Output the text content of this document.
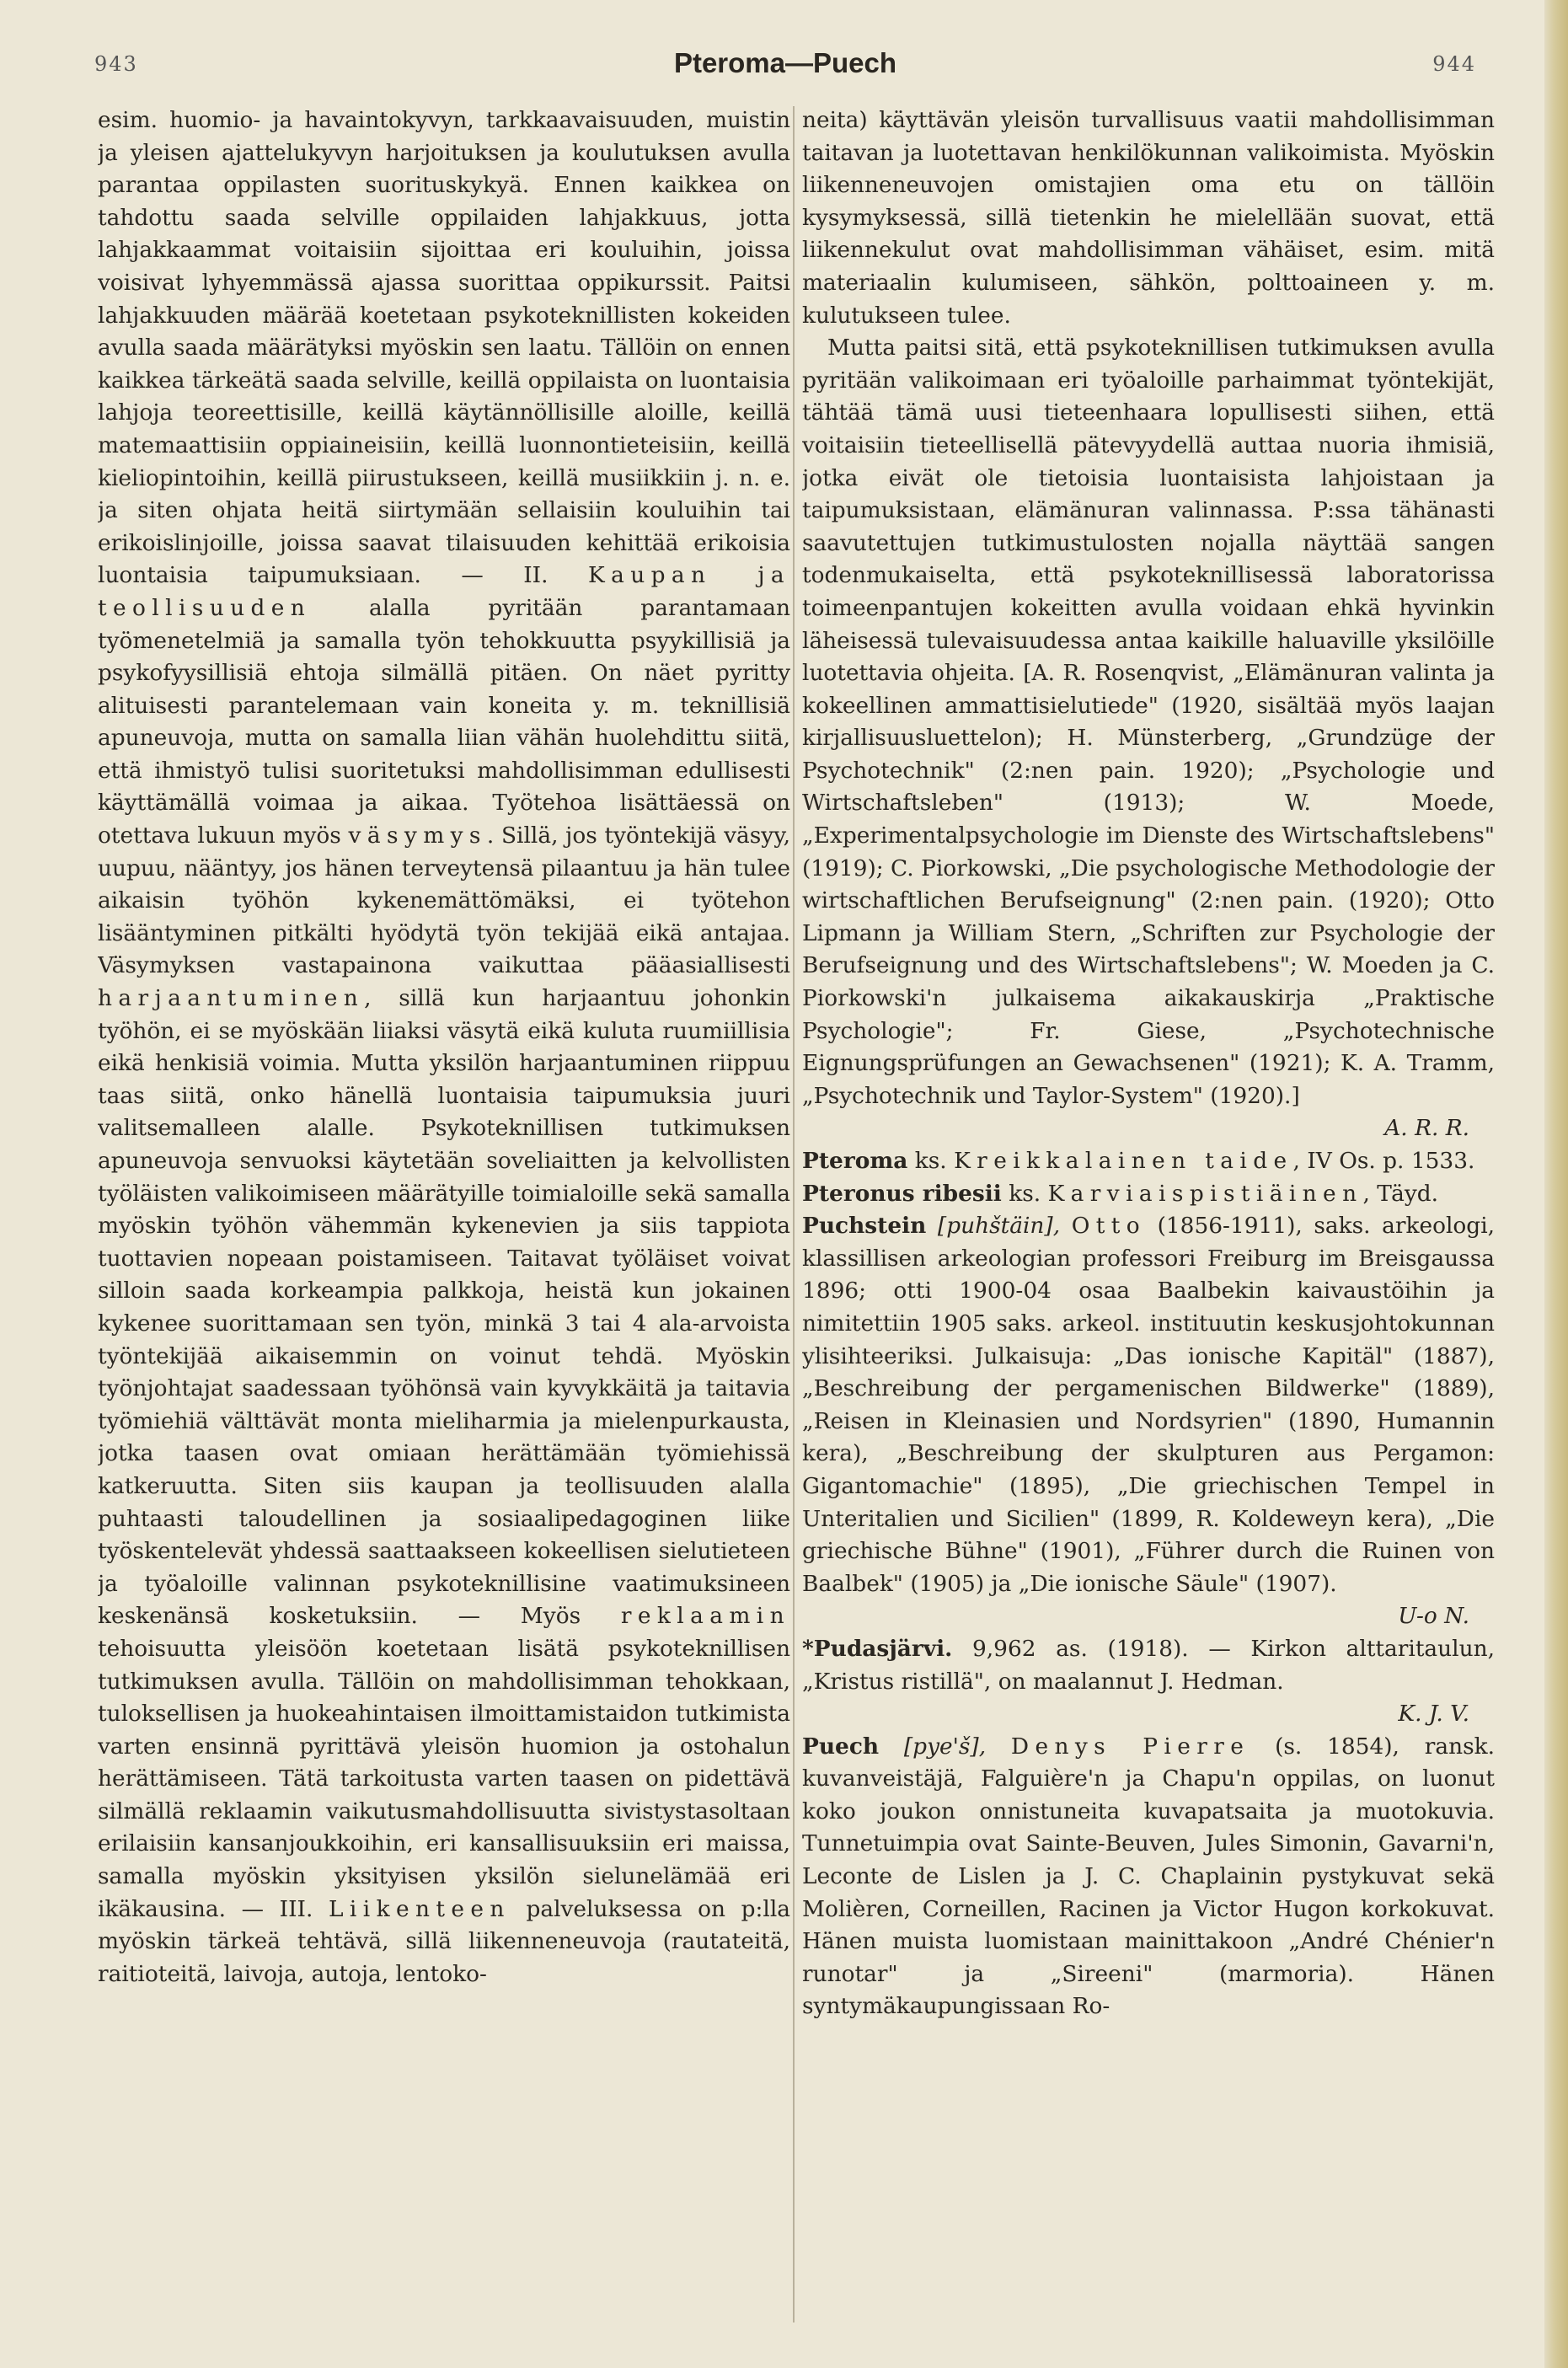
943	Pteroma—Puech	944

esim. huomio- ja havaintokyvyn, tarkkaavaisuuden, muistin ja yleisen ajattelukyvyn harjoituksen ja koulutuksen avulla parantaa oppilasten suorituskykyä. Ennen kaikkea on tahdottu saada selville oppilaiden lahjakkuus, jotta lahjakkaammat voitaisiin sijoittaa eri kouluihin, joissa voisivat lyhyemmässä ajassa suorittaa oppikurssit. Paitsi lahjakkuuden määrää koetetaan psykoteknillisten kokeiden avulla saada määrätyksi myöskin sen laatu. Tällöin on ennen kaikkea tärkeätä saada selville, keillä oppilaista on luontaisia lahjoja teoreettisille, keillä käytännöllisille aloille, keillä matemaattisiin oppiaineisiin, keillä luonnontieteisiin, keillä kieliopintoihin, keillä piirustukseen, keillä musiikkiin j. n. e. ja siten ohjata heitä siirtymään sellaisiin kouluihin tai erikoislinjoille, joissa saavat tilaisuuden kehittää erikoisia luontaisia taipumuksiaan. — II. Kaupan ja teollisuuden	alalla pyritään parantamaan työmenetelmiä ja samalla työn tehokkuutta psyykillisiä ja psykofyysillisiä ehtoja silmällä pitäen. On näet pyritty alituisesti parantelemaan vain koneita y. m. teknillisiä apuneuvoja, mutta on samalla liian vähän huolehdittu siitä, että ihmistyö tulisi suoritetuksi mahdollisimman edullisesti käyttämällä voimaa ja aikaa. Työtehoa lisättäessä on otettava lukuun myös väsymys. Sillä, jos työntekijä väsyy, uupuu, nääntyy, jos hänen terveytensä pilaantuu ja hän tulee aikaisin työhön kykenemättömäksi, ei työtehon lisääntyminen pitkälti hyödytä työn tekijää eikä antajaa. Väsymyksen vastapainona vaikuttaa pääasiallisesti harjaantuminen, sillä kun harjaantuu johonkin työhön, ei se myöskään liiaksi väsytä eikä kuluta ruumiillisia eikä henkisiä voimia. Mutta yksilön harjaantuminen riippuu taas siitä, onko hänellä luontaisia taipumuksia juuri valitsemalleen alalle. Psykoteknillisen tutkimuksen apuneuvoja senvuoksi käytetään soveliaitten ja kelvollisten työläisten valikoimiseen määrätyille toimialoille sekä samalla myöskin työhön vähemmän kykenevien ja siis tappiota tuottavien nopeaan poistamiseen. Taitavat työläiset voivat silloin saada korkeampia palkkoja, heistä kun jokainen kykenee suorittamaan sen työn, minkä 3 tai 4 ala-arvoista työntekijää aikaisemmin on voinut tehdä. Myöskin työnjohtajat saadessaan työhönsä vain kyvykkäitä ja taitavia työmiehiä välttävät monta mieliharmia ja mielenpurkausta, jotka taasen ovat omiaan herättämään työmiehissä katkeruutta. Siten siis kaupan ja teollisuuden alalla puhtaasti taloudellinen ja sosiaalipedagoginen liike työskentelevät yhdessä saattaakseen kokeellisen sielutieteen ja työaloille valinnan psykoteknillisine vaatimuksineen keskenänsä kosketuksiin. — Myös reklaamin tehoisuutta yleisöön koetetaan lisätä psykoteknillisen tutkimuksen avulla. Tällöin on mahdollisimman tehokkaan, tuloksellisen ja huokeahintaisen ilmoittamistaidon tutkimista varten ensinnä pyrittävä yleisön huomion ja ostohalun herättämiseen. Tätä tarkoitusta varten taasen on pidettävä silmällä reklaamin vaikutusmahdollisuutta sivistystasoltaan erilaisiin kansanjoukkoihin, eri kansallisuuksiin eri maissa, samalla myöskin yksityisen yksilön sielunelämää eri ikäkausina. — III. Liikenteen palveluksessa on p:lla myöskin tärkeä tehtävä, sillä liikenneneuvoja (rautateitä, raitioteitä, laivoja, autoja, lentoko-

neita) käyttävän yleisön turvallisuus vaatii mahdollisimman taitavan ja luotettavan henkilökunnan valikoimista. Myöskin liikenneneuvojen omistajien oma etu on tällöin kysymyksessä, sillä tietenkin he mielellään suovat, että liikennekulut ovat mahdollisimman vähäiset, esim. mitä materiaalin kulumiseen, sähkön, polttoaineen y. m. kulutukseen tulee.

Mutta paitsi sitä, että psykoteknillisen tutkimuksen avulla pyritään valikoimaan eri työaloille parhaimmat työntekijät, tähtää tämä uusi tieteenhaara lopullisesti siihen, että voitaisiin tieteellisellä pätevyydellä auttaa nuoria ihmisiä, jotka eivät ole tietoisia luontaisista lahjoistaan ja taipumuksistaan, elämänuran valinnassa. P:ssa tähänasti saavutettujen tutkimustulosten nojalla näyttää sangen todenmukaiselta, että psykoteknillisessä laboratorissa toimeenpantujen kokeitten avulla voidaan ehkä hyvinkin läheisessä tulevaisuudessa antaa kaikille haluaville yksilöille luotettavia ohjeita. [A. R. Rosenqvist, „Elämänuran valinta ja kokeellinen ammattisielutiede" (1920, sisältää myös laajan kirjallisuusluettelon); H. Münsterberg, „Grundzüge der Psychotechnik" (2:nen pain. 1920); „Psychologie und Wirtschaftsleben" (1913); W. Moede, „Experimentalpsychologie im Dienste des Wirtschaftslebens" (1919); C. Piorkowski, „Die psychologische Methodologie der wirtschaftlichen Berufseignung" (2:nen pain. (1920); Otto Lipmann ja William Stern, „Schriften zur Psychologie der Berufseignung und des Wirtschaftslebens"; W. Moeden ja C. Piorkowski'n julkaisema aikakauskirja „Praktische Psychologie"; Fr. Giese, „Psychotechnische Eignungsprüfungen an Gewachsenen" (1921); K. A. Tramm, „Psychotechnik und Taylor-System" (1920).]

A. R. R.

Pteroma ks. Kreikkalainen taide, IV Os. p. 1533.

Pteronus ribesii ks. Karviaispistiäinen, Täyd.

Puchstein [puhštäin], Otto (1856-1911), saks. arkeologi, klassillisen arkeologian professori Freiburg im Breisgaussa 1896; otti 1900-04 osaa Baalbekin kaivaustöihin ja nimitettiin 1905 saks. arkeol. instituutin keskusjohtokunnan ylisihteeriksi. Julkaisuja: „Das ionische Kapitäl" (1887), „Beschreibung der pergamenischen Bildwerke" (1889), „Reisen in Kleinasien und Nordsyrien" (1890, Humannin kera), „Beschreibung der skulpturen aus Pergamon: Gigantomachie" (1895), „Die griechischen Tempel in Unteritalien und Sicilien" (1899, R. Koldeweyn kera), „Die griechische Bühne" (1901), „Führer durch die Ruinen von Baalbek" (1905) ja „Die ionische Säule" (1907).

U-o N.

*Pudasjärvi. 9,962 as. (1918). — Kirkon alttaritaulun, „Kristus ristillä", on maalannut J. Hedman.

K. J. V.

Puech [pye'š], Denys Pierre (s. 1854), ransk. kuvanveistäjä, Falguière'n ja Chapu'n oppilas, on luonut koko joukon onnistuneita kuvapatsaita ja muotokuvia. Tunnetuimpia ovat Sainte-Beuven, Jules Simonin, Gavarni'n, Leconte de Lislen ja J. C. Chaplainin pystykuvat sekä Molièren, Corneillen, Racinen ja Victor Hugon korkokuvat. Hänen muista luomistaan mainittakoon „André Chénier'n runotar" ja „Sireeni" (marmoria). Hänen syntymäkaupungissaan Ro-
